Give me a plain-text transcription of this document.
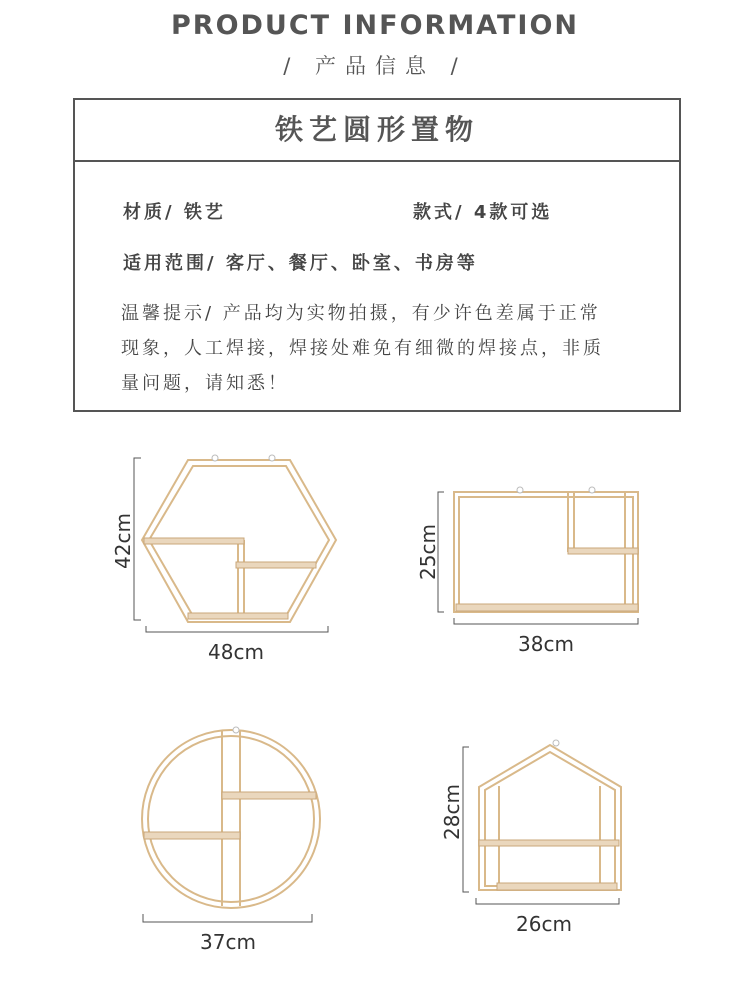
PRODUCT INFORMATION
/ 产品信息 /
铁艺圆形置物
材质/ 铁艺	款式/ 4款可选
适用范围/ 客厅、餐厅、卧室、书房等

温馨提示/ 产品均为实物拍摄，有少许色差属于正常

现象，人工焊接，焊接处难免有细微的焊接点，非质

量问题，请知悉！

42cm
48cm
25cm
38cm
37cm
28cm
26cm
